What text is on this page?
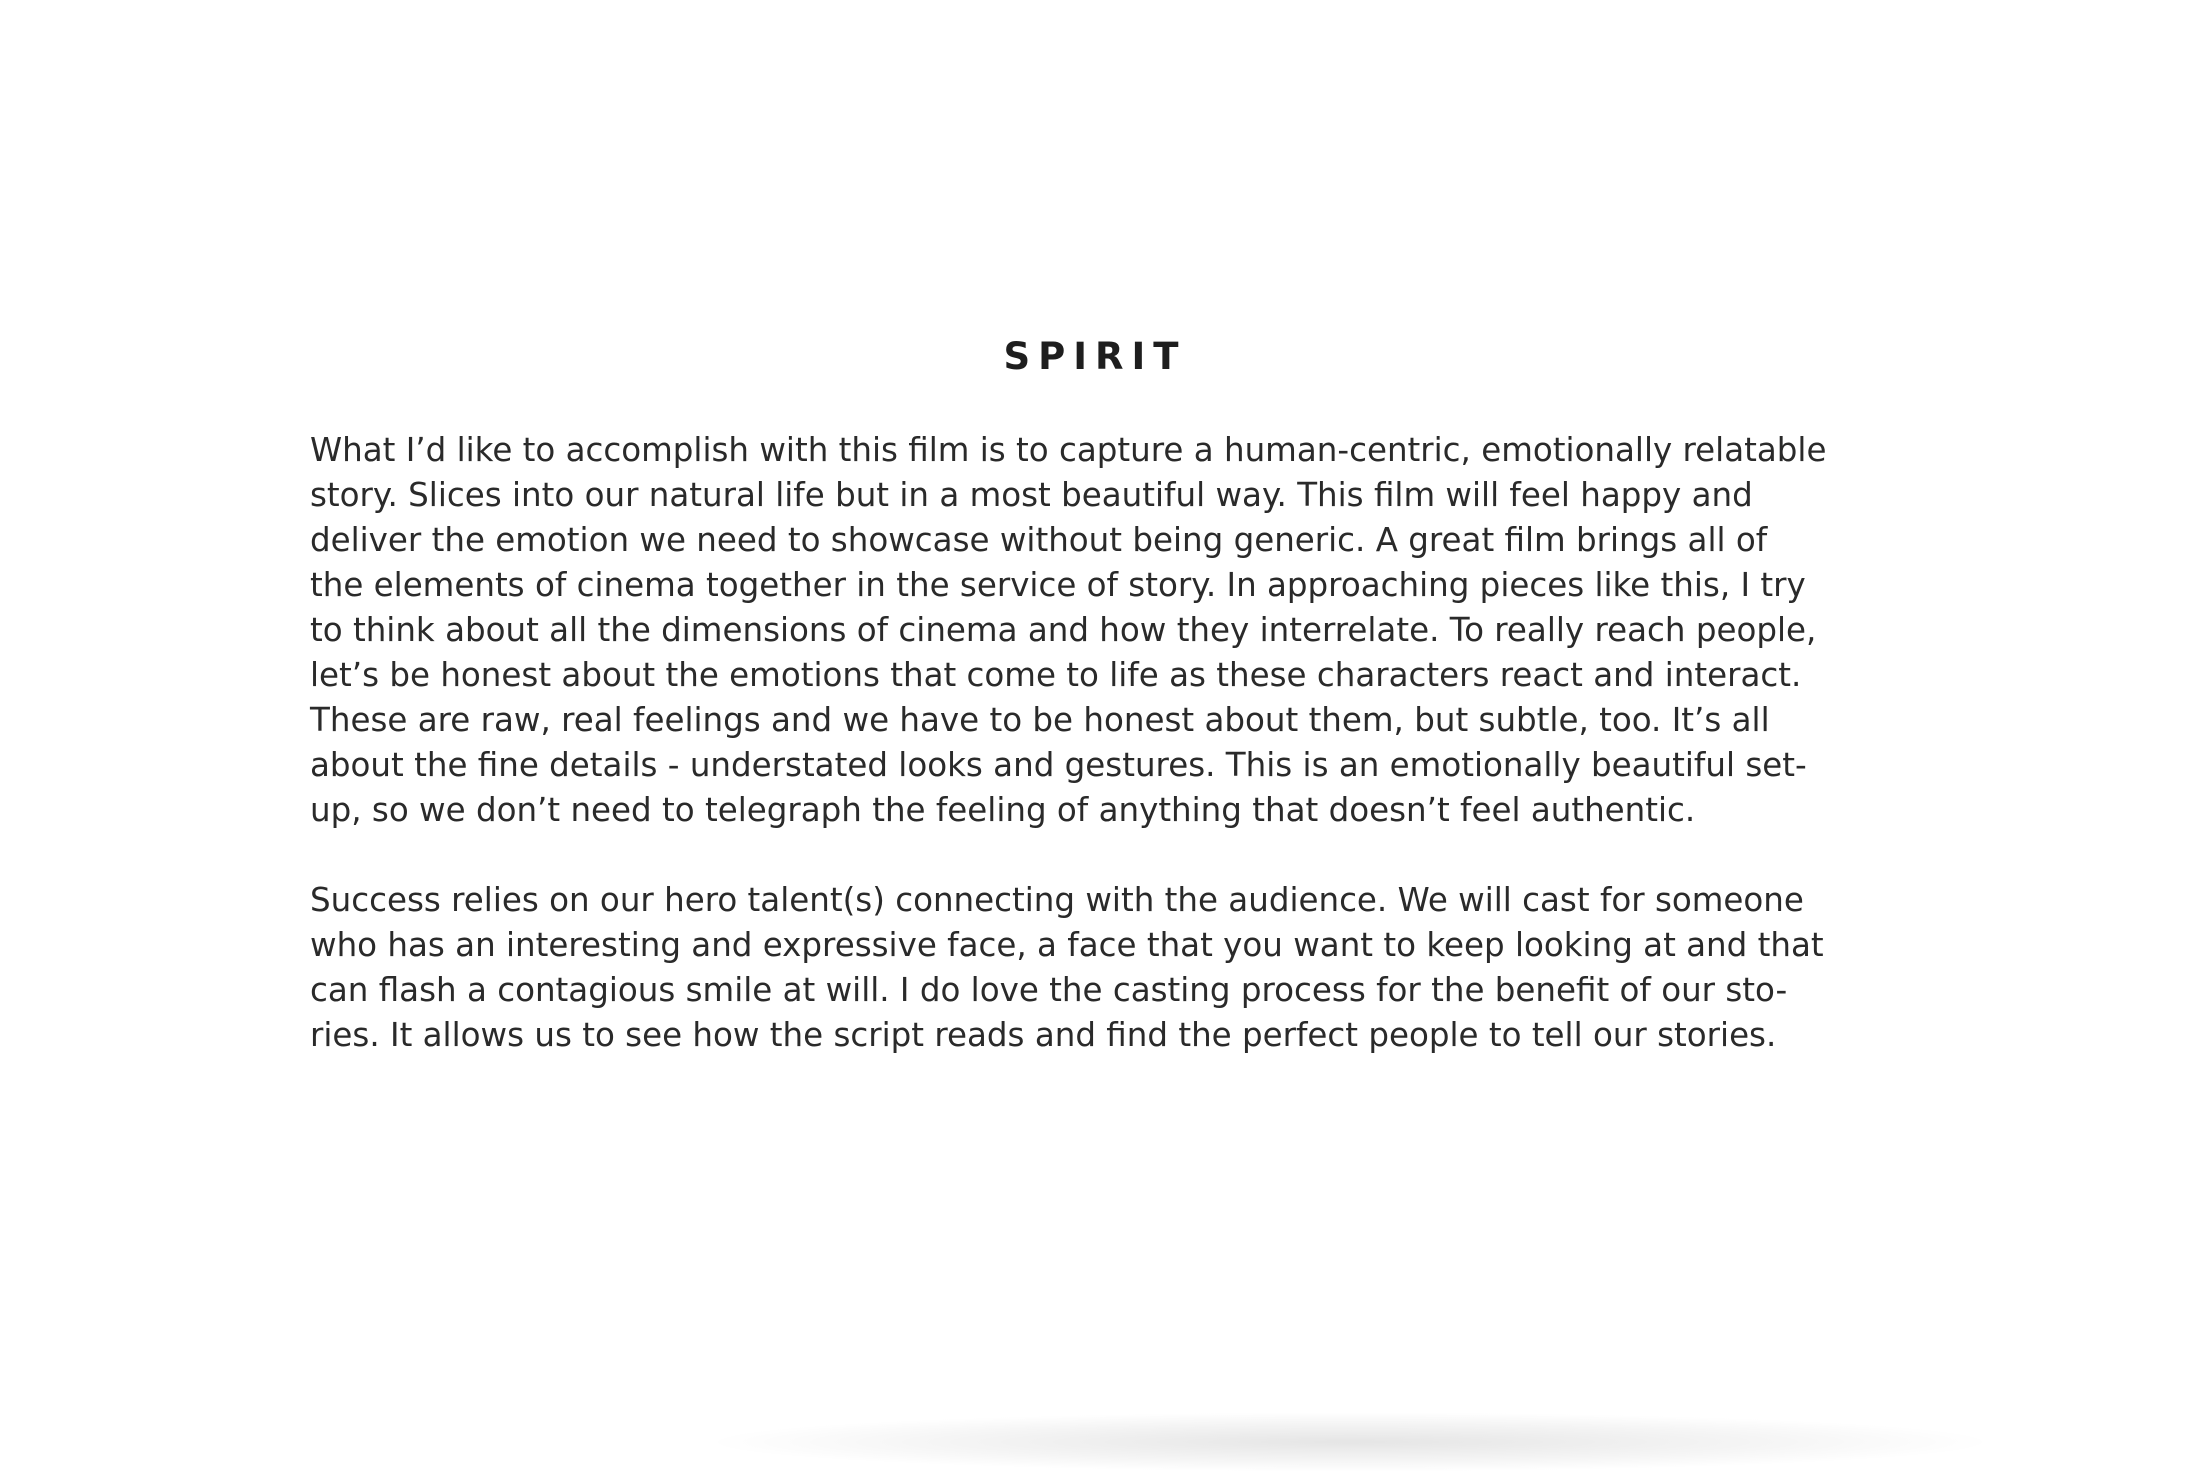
SPIRIT

What I’d like to accomplish with this film is to capture a human-centric, emotionally relatable
story. Slices into our natural life but in a most beautiful way. This film will feel happy and
deliver the emotion we need to showcase without being generic. A great film brings all of
the elements of cinema together in the service of story. In approaching pieces like this, I try
to think about all the dimensions of cinema and how they interrelate. To really reach people,
let’s be honest about the emotions that come to life as these characters react and interact.
These are raw, real feelings and we have to be honest about them, but subtle, too. It’s all
about the fine details - understated looks and gestures. This is an emotionally beautiful set-
up, so we don’t need to telegraph the feeling of anything that doesn’t feel authentic.

Success relies on our hero talent(s) connecting with the audience. We will cast for someone
who has an interesting and expressive face, a face that you want to keep looking at and that
can flash a contagious smile at will. I do love the casting process for the benefit of our sto-
ries. It allows us to see how the script reads and find the perfect people to tell our stories.
